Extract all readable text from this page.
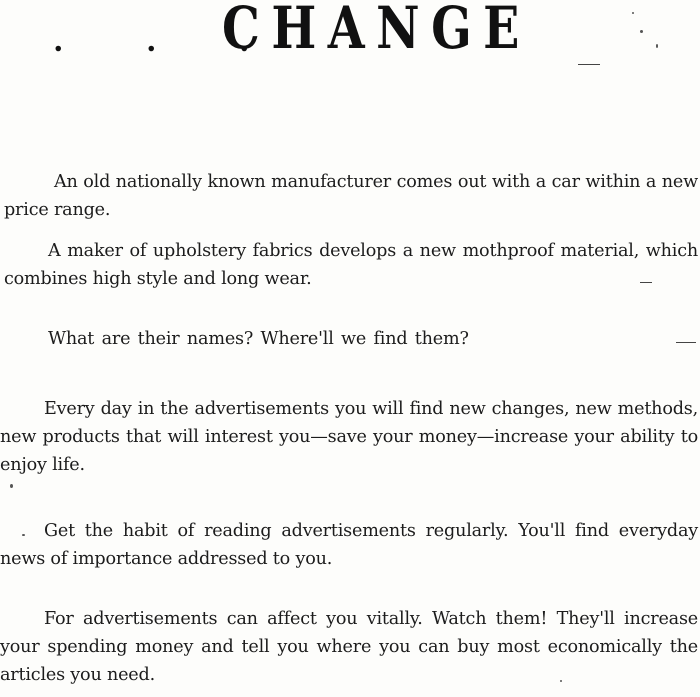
. . .
CHANGE

An old nationally known manufacturer comes out with a car within a new price range.

A maker of upholstery fabrics develops a new mothproof material, which combines high style and long wear.

What are their names? Where'll we find them?

Every day in the advertisements you will find new changes, new methods, new products that will interest you—save your money—increase your ability to enjoy life.

Get the habit of reading advertisements regularly. You'll find everyday news of importance addressed to you.

For advertisements can affect you vitally. Watch them! They'll increase your spending money and tell you where you can buy most economically the articles you need.
